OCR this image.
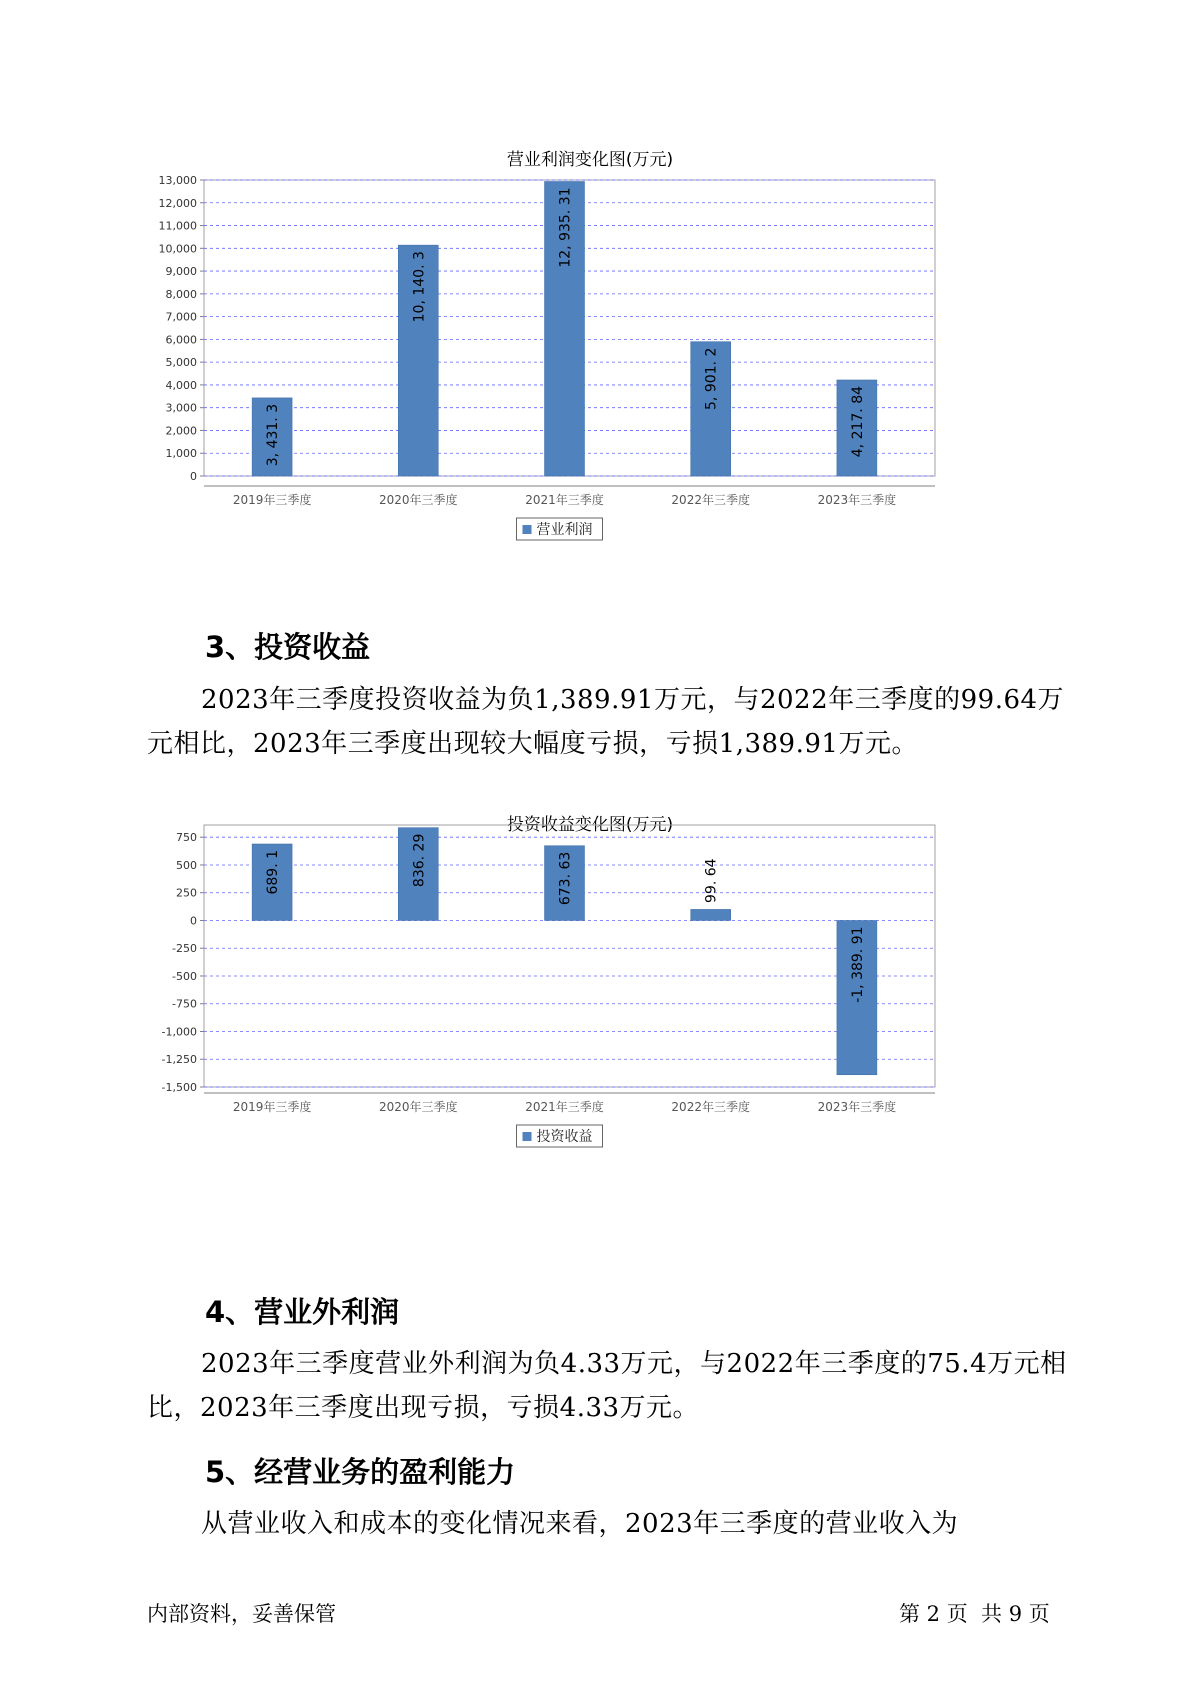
营业利润变化图(万元)
0
1,000
2,000
3,000
4,000
5,000
6,000
7,000
8,000
9,000
10,000
11,000
12,000
13,000
3, 431. 3
2019年三季度
10, 140. 3
2020年三季度
12, 935. 31
2021年三季度
5, 901. 2
2022年三季度
4, 217. 84
2023年三季度
营业利润
3、投资收益
2023年三季度投资收益为负1,389.91万元，与2022年三季度的99.64万元相比，2023年三季度出现较大幅度亏损，亏损1,389.91万元。
投资收益变化图(万元)
750
500
250
0
-250
-500
-750
-1,000
-1,250
-1,500
689. 1
2019年三季度
836. 29
2020年三季度
673. 63
2021年三季度
99. 64
2022年三季度
-1, 389. 91
2023年三季度
投资收益
4、营业外利润
2023年三季度营业外利润为负4.33万元，与2022年三季度的75.4万元相比，2023年三季度出现亏损，亏损4.33万元。
5、经营业务的盈利能力
从营业收入和成本的变化情况来看，2023年三季度的营业收入为
内部资料，妥善保管	第 2 页  共 9 页
